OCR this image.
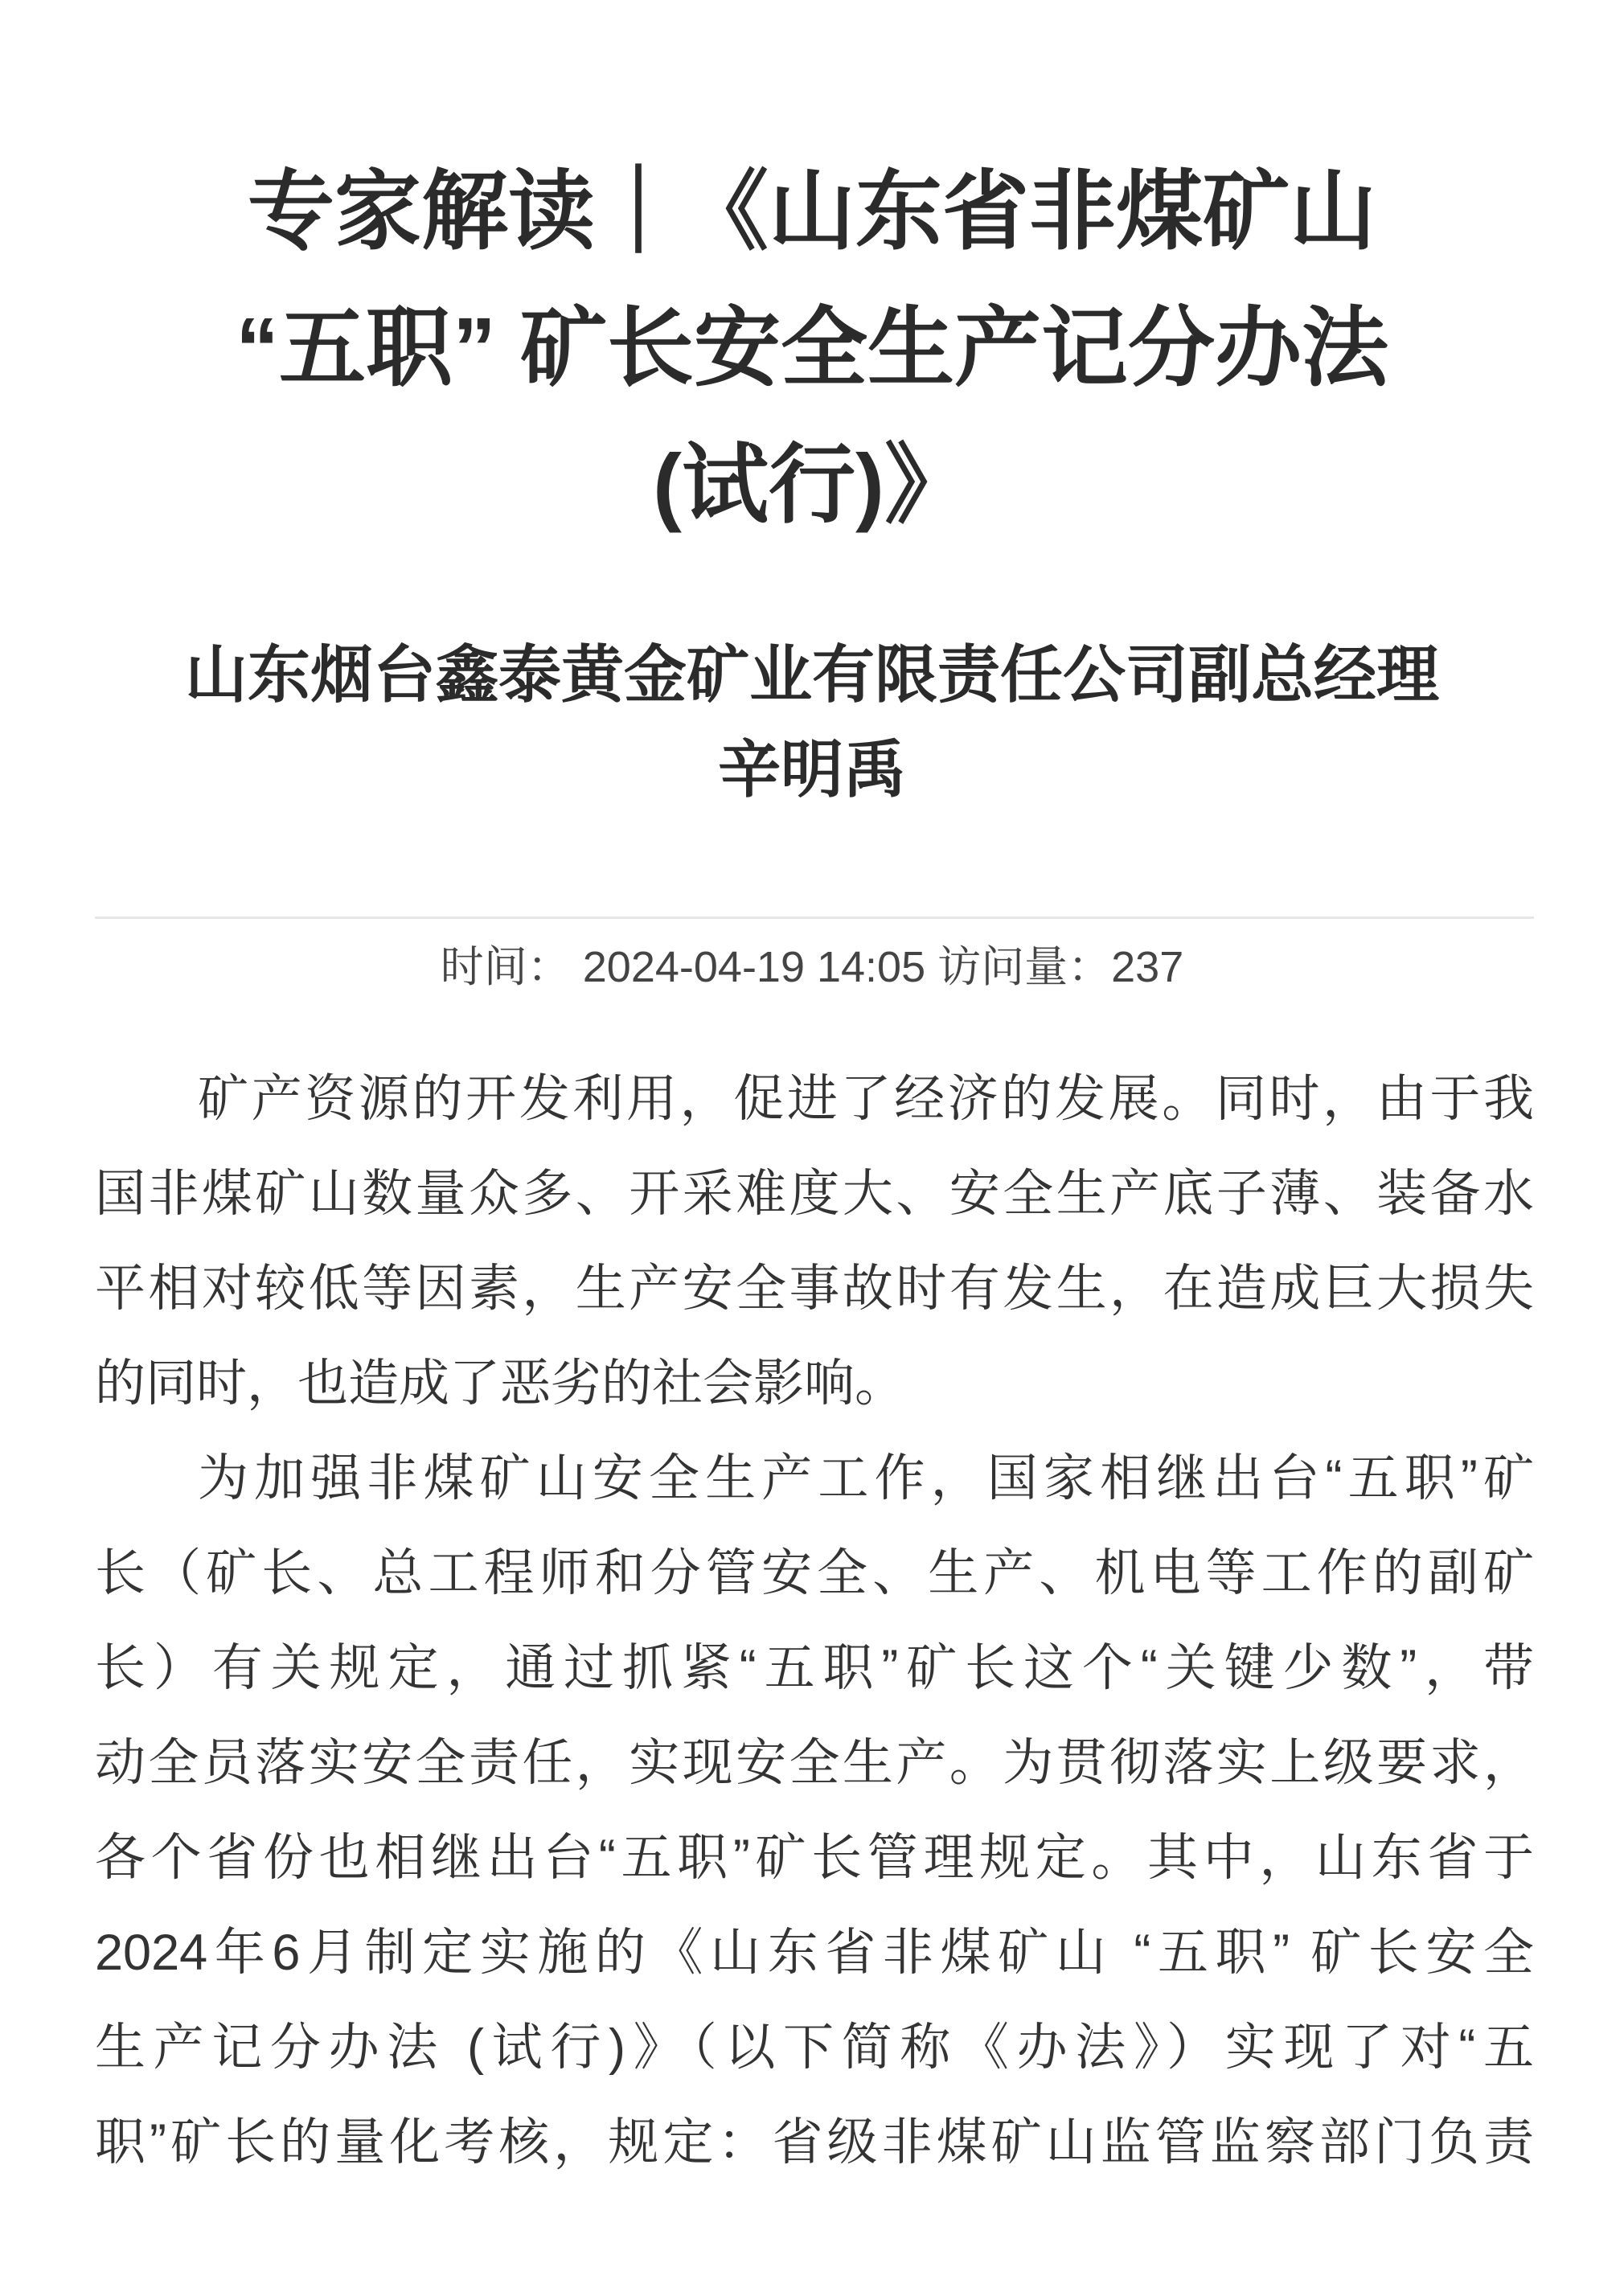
专家解读｜《山东省非煤矿山
“五职” 矿长安全生产记分办法
(试行)》
山东烟台鑫泰黄金矿业有限责任公司副总经理
辛明禹
时间： 2024-04-19 14:05 访问量：237
矿产资源的开发利用，促进了经济的发展。同时，由于我
国非煤矿山数量众多、开采难度大、安全生产底子薄、装备水
平相对较低等因素，生产安全事故时有发生，在造成巨大损失
的同时，也造成了恶劣的社会影响。
为加强非煤矿山安全生产工作，国家相继出台“五职”矿
长（矿长、总工程师和分管安全、生产、机电等工作的副矿
长）有关规定，通过抓紧“五职”矿长这个“关键少数”，带
动全员落实安全责任，实现安全生产。为贯彻落实上级要求，
各个省份也相继出台“五职”矿长管理规定。其中，山东省于
2024年6月制定实施的《山东省非煤矿山 “五职” 矿长安全
生产记分办法 (试行)》（以下简称《办法》）实现了对“五
职”矿长的量化考核，规定：省级非煤矿山监管监察部门负责
